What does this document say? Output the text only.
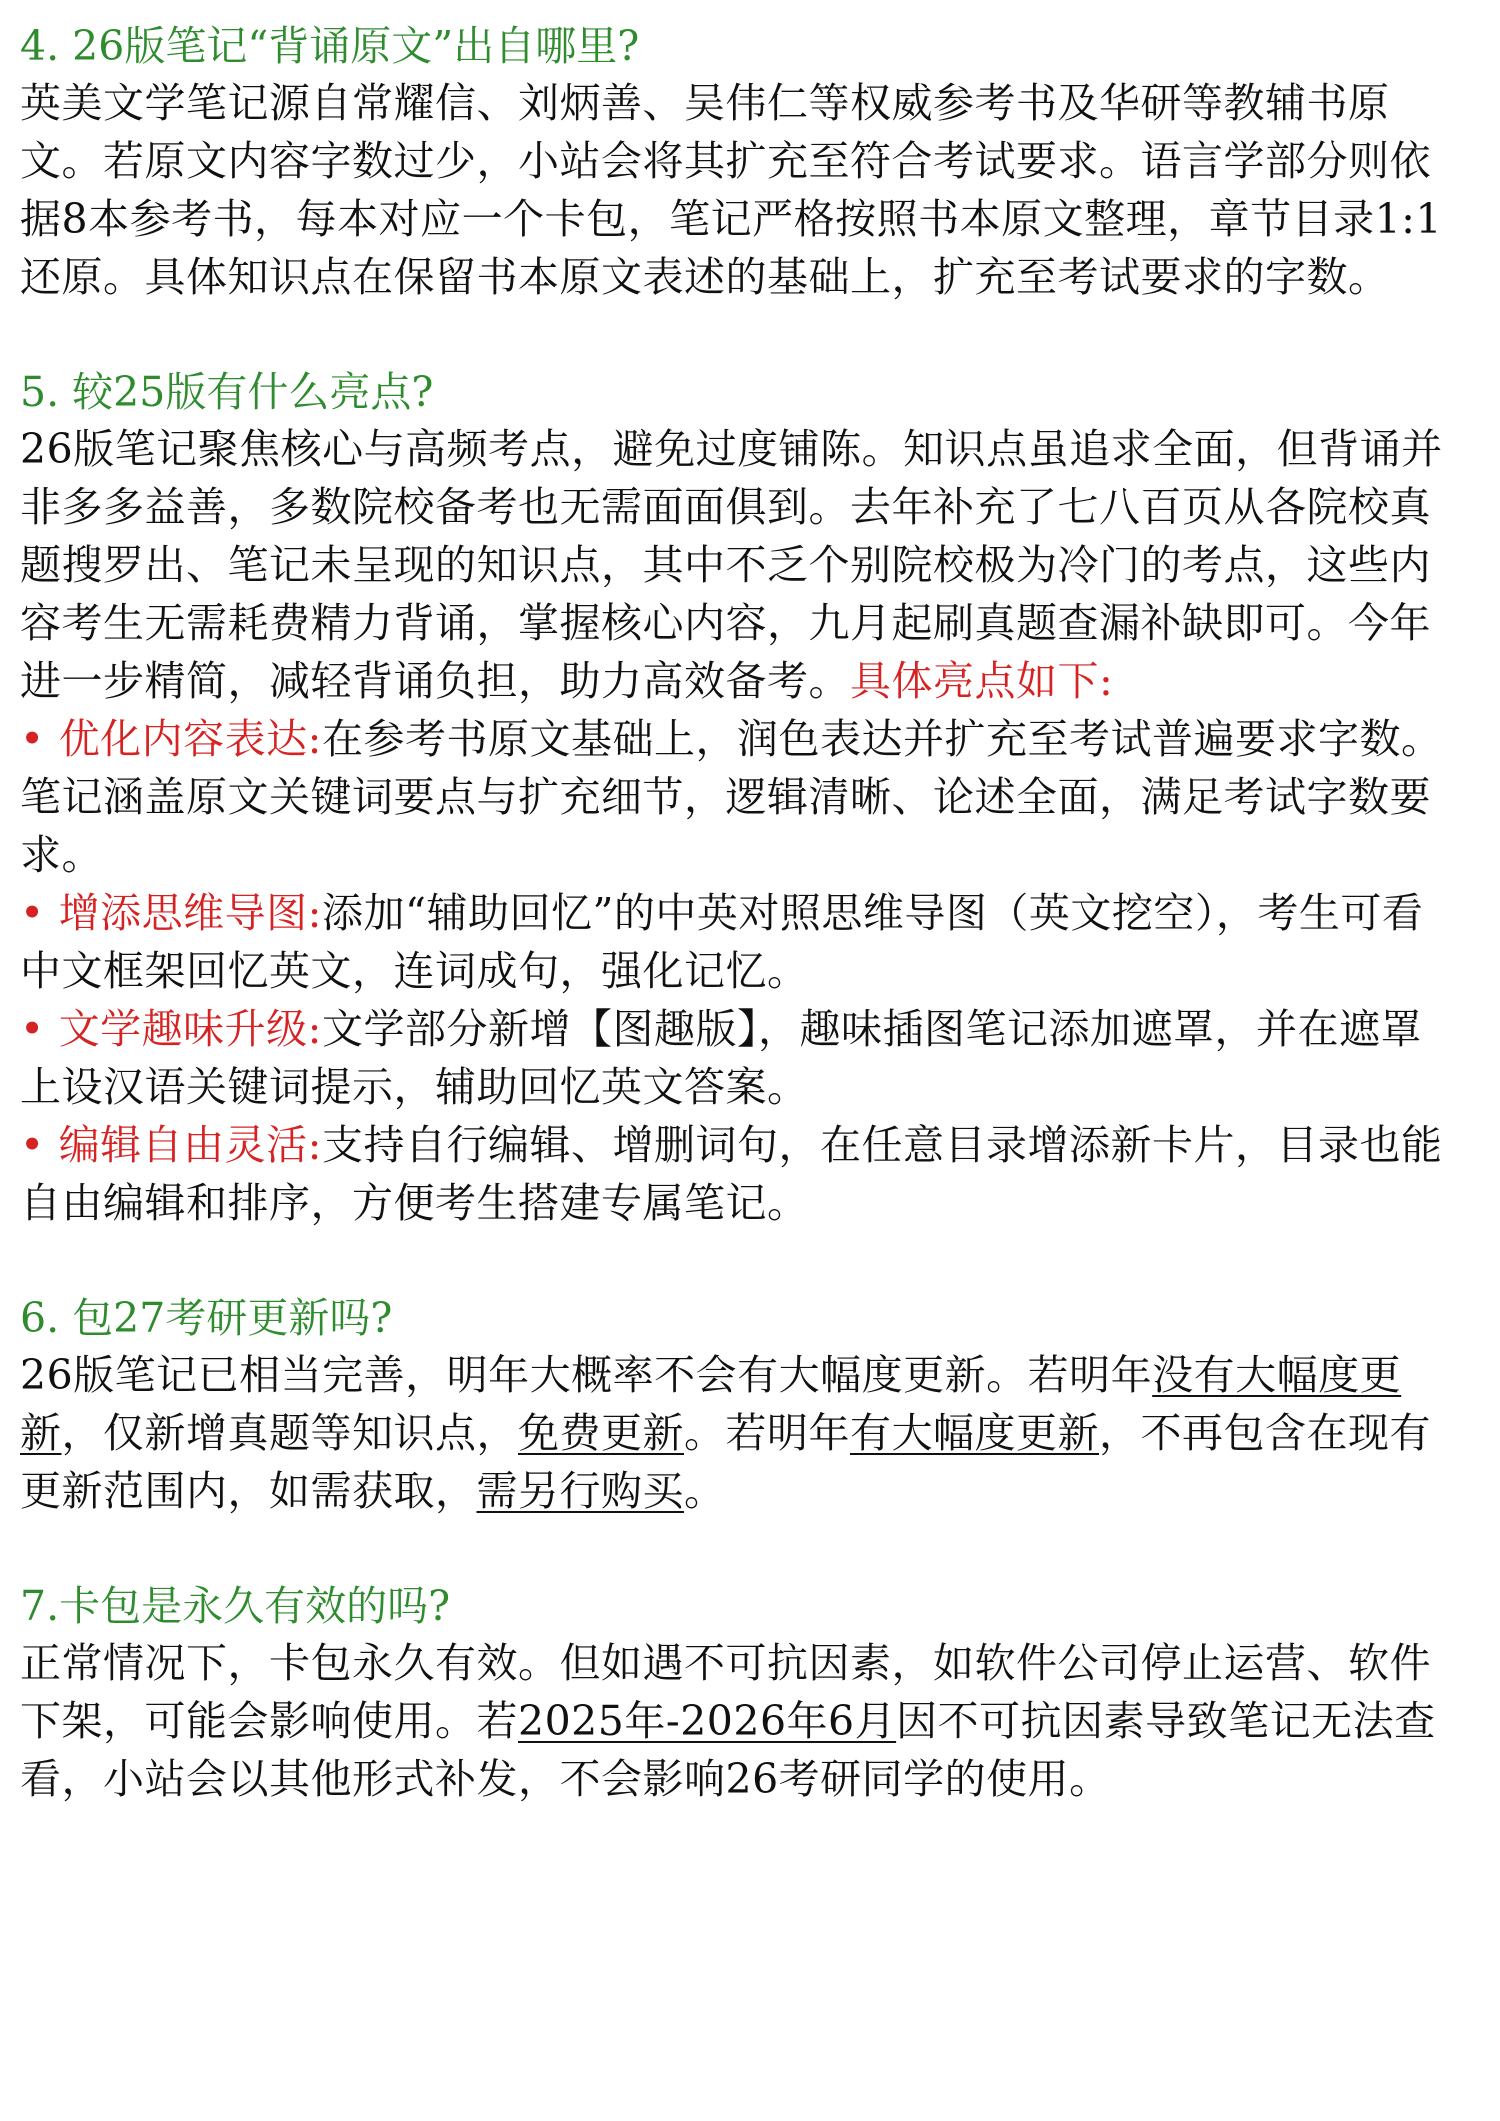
4. 26版笔记“背诵原文”出自哪里?

英美文学笔记源自常耀信、刘炳善、吴伟仁等权威参考书及华研等教辅书原文。若原文内容字数过少，小站会将其扩充至符合考试要求。语言学部分则依据8本参考书，每本对应一个卡包，笔记严格按照书本原文整理，章节目录1:1还原。具体知识点在保留书本原文表述的基础上，扩充至考试要求的字数。

5. 较25版有什么亮点?

26版笔记聚焦核心与高频考点，避免过度铺陈。知识点虽追求全面，但背诵并非多多益善，多数院校备考也无需面面俱到。去年补充了七八百页从各院校真题搜罗出、笔记未呈现的知识点，其中不乏个别院校极为冷门的考点，这些内容考生无需耗费精力背诵，掌握核心内容，九月起刷真题查漏补缺即可。今年进一步精简，减轻背诵负担，助力高效备考。具体亮点如下:

• 优化内容表达:在参考书原文基础上，润色表达并扩充至考试普遍要求字数。笔记涵盖原文关键词要点与扩充细节，逻辑清晰、论述全面，满足考试字数要求。

• 增添思维导图:添加“辅助回忆”的中英对照思维导图（英文挖空），考生可看中文框架回忆英文，连词成句，强化记忆。

• 文学趣味升级:文学部分新增【图趣版】，趣味插图笔记添加遮罩，并在遮罩上设汉语关键词提示，辅助回忆英文答案。

• 编辑自由灵活:支持自行编辑、增删词句，在任意目录增添新卡片，目录也能自由编辑和排序，方便考生搭建专属笔记。

6. 包27考研更新吗?

26版笔记已相当完善，明年大概率不会有大幅度更新。若明年没有大幅度更新，仅新增真题等知识点，免费更新。若明年有大幅度更新，不再包含在现有更新范围内，如需获取，需另行购买。

7.卡包是永久有效的吗?

正常情况下，卡包永久有效。但如遇不可抗因素，如软件公司停止运营、软件下架，可能会影响使用。若2025年-2026年6月因不可抗因素导致笔记无法查看，小站会以其他形式补发，不会影响26考研同学的使用。
